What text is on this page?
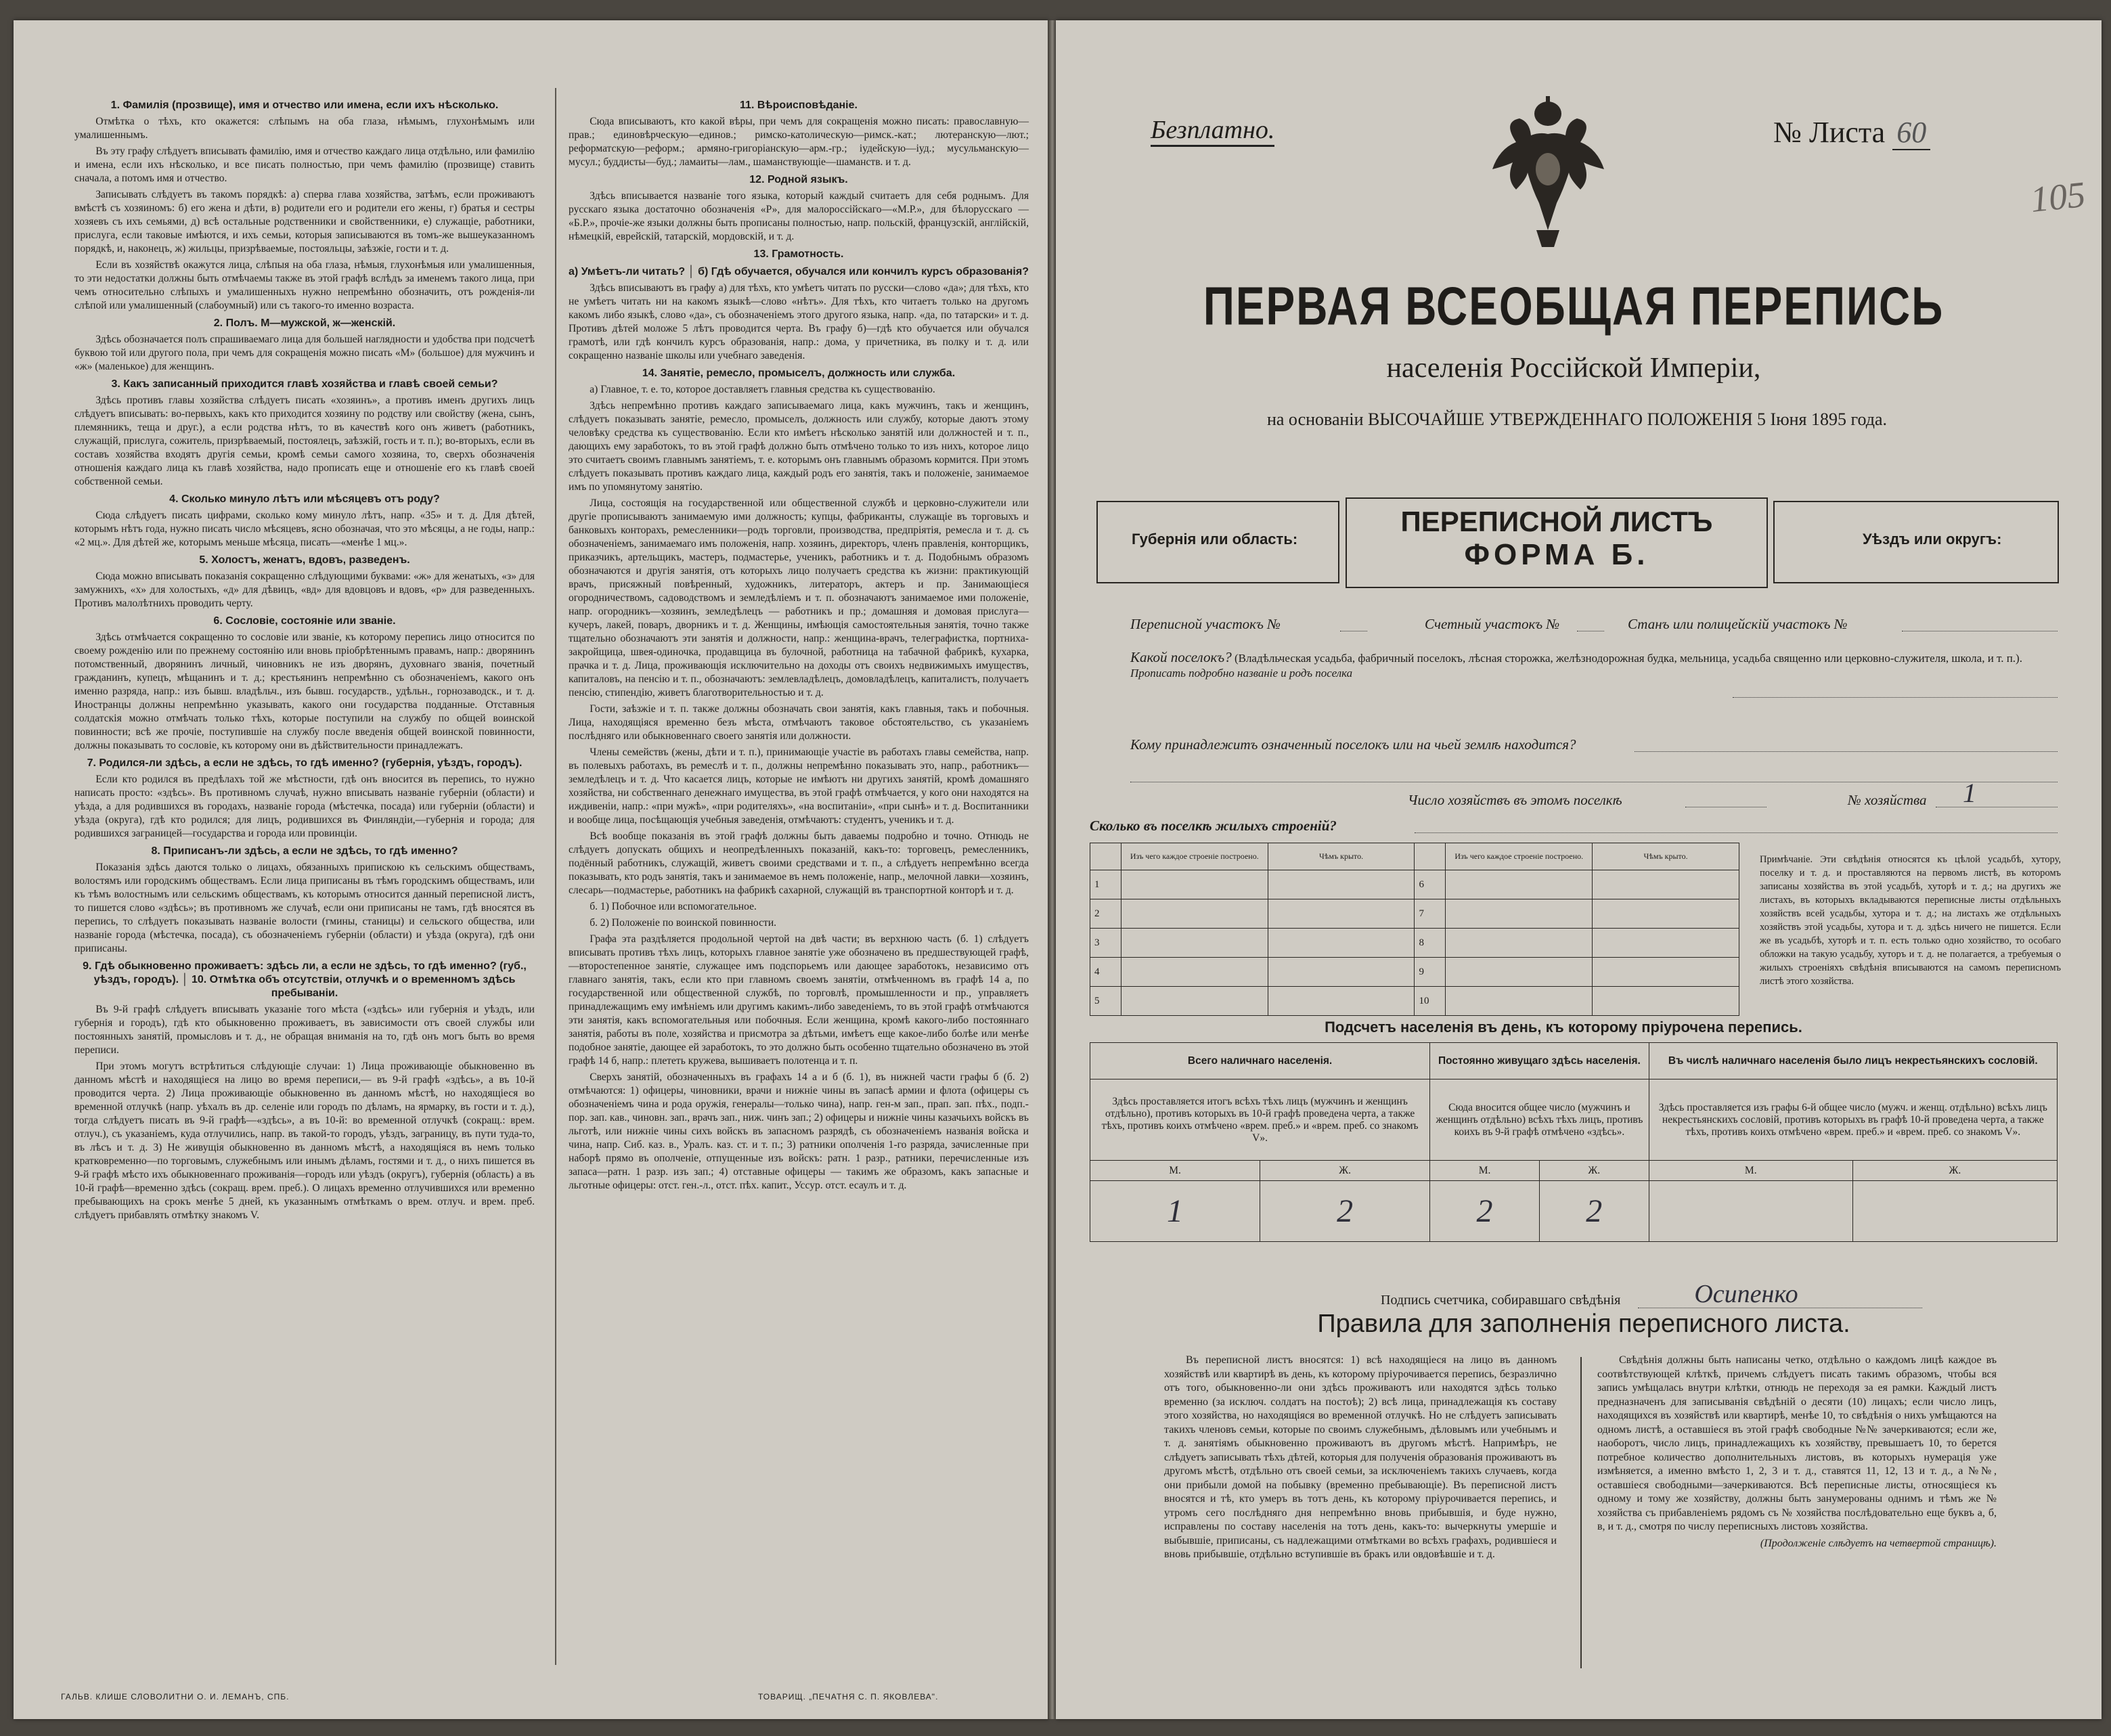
1. Фамилія (прозвище), имя и отчество или имена, если ихъ нѣсколько.
Отмѣтка о тѣхъ, кто окажется: слѣпымъ на оба глаза, нѣмымъ, глухонѣмымъ или умалишеннымъ.
Въ эту графу слѣдуетъ вписывать фамилію, имя и отчество каждаго лица отдѣльно, или фамилію и имена, если ихъ нѣсколько, и все писать полностью, при чемъ фамилію (прозвище) ставить сначала, а потомъ имя и отчество.
Записывать слѣдуетъ въ такомъ порядкѣ: а) сперва глава хозяйства, затѣмъ, если проживаютъ вмѣстѣ съ хозяиномъ: б) его жена и дѣти, в) родители его и родители его жены, г) братья и сестры хозяевъ съ ихъ семьями, д) всѣ остальные родственники и свойственники, е) служащіе, работники, прислуга, если таковые имѣются, и ихъ семьи, которыя записываются въ томъ-же вышеуказанномъ порядкѣ, и, наконецъ, ж) жильцы, призрѣваемые, постояльцы, заѣзжіе, гости и т. д.
Если въ хозяйствѣ окажутся лица, слѣпыя на оба глаза, нѣмыя, глухонѣмыя или умалишенныя, то эти недостатки должны быть отмѣчаемы также въ этой графѣ вслѣдъ за именемъ такого лица, при чемъ относительно слѣпыхъ и умалишенныхъ нужно непремѣнно обозначить, отъ рожденія-ли слѣпой или умалишенный (слабоумный) или съ такого-то именно возраста.
2. Полъ. М—мужской, ж—женскій.
Здѣсь обозначается полъ спрашиваемаго лица для большей наглядности и удобства при подсчетѣ буквою той или другого пола, при чемъ для сокращенія можно писать «М» (большое) для мужчинъ и «ж» (маленькое) для женщинъ.
3. Какъ записанный приходится главѣ хозяйства и главѣ своей семьи?
Здѣсь противъ главы хозяйства слѣдуетъ писать «хозяинъ», а противъ именъ другихъ лицъ слѣдуетъ вписывать: во-первыхъ, какъ кто приходится хозяину по родству или свойству (жена, сынъ, племянникъ, теща и друг.), а если родства нѣтъ, то въ качествѣ кого онъ живетъ (работникъ, служащій, прислуга, сожитель, призрѣваемый, постоялецъ, заѣзжій, гость и т. п.); во-вторыхъ, если въ составъ хозяйства входятъ другія семьи, кромѣ семьи самого хозяина, то, сверхъ обозначенія отношенія каждаго лица къ главѣ хозяйства, надо прописать еще и отношеніе его къ главѣ своей собственной семьи.
4. Сколько минуло лѣтъ или мѣсяцевъ отъ роду?
Сюда слѣдуетъ писать цифрами, сколько кому минуло лѣтъ, напр. «35» и т. д. Для дѣтей, которымъ нѣтъ года, нужно писать число мѣсяцевъ, ясно обозначая, что это мѣсяцы, а не годы, напр.: «2 мц.». Для дѣтей же, которымъ меньше мѣсяца, писать—«менѣе 1 мц.».
5. Холостъ, женатъ, вдовъ, разведенъ.
Сюда можно вписывать показанія сокращенно слѣдующими буквами: «ж» для женатыхъ, «з» для замужнихъ, «х» для холостыхъ, «д» для дѣвицъ, «вд» для вдовцовъ и вдовъ, «р» для разведенныхъ. Противъ малолѣтнихъ проводить черту.
6. Сословіе, состояніе или званіе.
Здѣсь отмѣчается сокращенно то сословіе или званіе, къ которому перепись лицо относится по своему рожденію или по прежнему состоянію или вновь пріобрѣтеннымъ правамъ, напр.: дворянинъ потомственный, дворянинъ личный, чиновникъ не изъ дворянъ, духовнаго званія, почетный гражданинъ, купецъ, мѣщанинъ и т. д.; крестьянинъ непремѣнно съ обозначеніемъ, какого онъ именно разряда, напр.: изъ бывш. владѣльч., изъ бывш. государств., удѣльн., горнозаводск., и т. д. Иностранцы должны непремѣнно указывать, какого они государства подданные. Отставныя солдатскія можно отмѣчать только тѣхъ, которые поступили на службу по общей воинской повинности; всѣ же прочіе, поступившіе на службу после введенія общей воинской повинности, должны показывать то сословіе, къ которому они въ дѣйствительности принадлежатъ.
7. Родился-ли здѣсь, а если не здѣсь, то гдѣ именно? (губернія, уѣздъ, городъ).
Если кто родился въ предѣлахъ той же мѣстности, гдѣ онъ вносится въ перепись, то нужно написать просто: «здѣсь». Въ противномъ случаѣ, нужно вписывать названіе губерніи (области) и уѣзда, а для родившихся въ городахъ, названіе города (мѣстечка, посада) или губерніи (области) и уѣзда (округа), гдѣ кто родился; для лицъ, родившихся въ Финляндіи,—губернія и города; для родившихся заграницей—государства и города или провинціи.
8. Приписанъ-ли здѣсь, а если не здѣсь, то гдѣ именно?
Показанія здѣсь даются только о лицахъ, обязанныхъ припискою къ сельскимъ обществамъ, волостямъ или городскимъ обществамъ. Если лица приписаны въ тѣмъ городскимъ обществамъ, или къ тѣмъ волостнымъ или сельскимъ обществамъ, къ которымъ относится данный переписной листъ, то пишется слово «здѣсь»; въ противномъ же случаѣ, если они приписаны не тамъ, гдѣ вносятся въ перепись, то слѣдуетъ показывать названіе волости (гмины, станицы) и сельского общества, или названіе города (мѣстечка, посада), съ обозначеніемъ губерніи (области) и уѣзда (округа), гдѣ они приписаны.
9. Гдѣ обыкновенно проживаетъ: здѣсь ли, а если не здѣсь, то гдѣ именно? (губ., уѣздъ, городъ). │ 10. Отмѣтка объ отсутствіи, отлучкѣ и о временномъ здѣсь пребываніи.
Въ 9-й графѣ слѣдуетъ вписывать указаніе того мѣста («здѣсь» или губернія и уѣздъ, или губернія и городъ), гдѣ кто обыкновенно проживаетъ, въ зависимости отъ своей службы или постоянныхъ занятій, промысловъ и т. д., не обращая вниманія на то, гдѣ онъ могъ быть во время переписи.
При этомъ могутъ встрѣтиться слѣдующіе случаи: 1) Лица проживающіе обыкновенно въ данномъ мѣстѣ и находящіеся на лицо во время переписи,— въ 9-й графѣ «здѣсь», а въ 10-й проводится черта. 2) Лица проживающіе обыкновенно въ данномъ мѣстѣ, но находящіеся во временной отлучкѣ (напр. уѣхалъ въ др. селеніе или городъ по дѣламъ, на ярмарку, въ гости и т. д.), тогда слѣдуетъ писать въ 9-й графѣ—«здѣсь», а въ 10-й: во временной отлучкѣ (сокращ.: врем. отлуч.), съ указаніемъ, куда отлучились, напр. въ такой-то городъ, уѣздъ, заграницу, въ пути туда-то, въ лѣсъ и т. д. 3) Не живущія обыкновенно въ данномъ мѣстѣ, а находящіяся въ немъ только кратковременно—по торговымъ, служебнымъ или инымъ дѣламъ, гостями и т. д., о нихъ пишется въ 9-й графѣ мѣсто ихъ обыкновеннаго проживанія—городъ или уѣздъ (округъ), губернія (область) а въ 10-й графѣ—временно здѣсь (сокращ. врем. преб.). О лицахъ временно отлучившихся или временно пребывающихъ на срокъ менѣе 5 дней, къ указаннымъ отмѣткамъ о врем. отлуч. и врем. преб. слѣдуетъ прибавлять отмѣтку знакомъ V.
11. Вѣроисповѣданіе.
Сюда вписываютъ, кто какой вѣры, при чемъ для сокращенія можно писать: православную—прав.; единовѣрческую—единов.; римско-католическую—римск.-кат.; лютеранскую—лют.; реформатскую—реформ.; армяно-григоріанскую—арм.-гр.; іудейскую—іуд.; мусульманскую—мусул.; буддисты—буд.; ламаиты—лам., шаманствующіе—шаманств. и т. д.
12. Родной языкъ.
Здѣсь вписывается названіе того языка, который каждый считаетъ для себя роднымъ. Для русскаго языка достаточно обозначенія «Р», для малороссійскаго—«М.Р.», для бѣлорусскаго — «Б.Р.», прочіе-же языки должны быть прописаны полностью, напр. польскій, французскій, англійскій, нѣмецкій, еврейскій, татарскій, мордовскій, и т. д.
13. Грамотность.
а) Умѣетъ-ли читать? │ б) Гдѣ обучается, обучался или кончилъ курсъ образованія?
Здѣсь вписываютъ въ графу а) для тѣхъ, кто умѣетъ читать по русски—слово «да»; для тѣхъ, кто не умѣетъ читать ни на какомъ языкѣ—слово «нѣтъ». Для тѣхъ, кто читаетъ только на другомъ какомъ либо языкѣ, слово «да», съ обозначеніемъ этого другого языка, напр. «да, по татарски» и т. д. Противъ дѣтей моложе 5 лѣтъ проводится черта. Въ графу б)—гдѣ кто обучается или обучался грамотѣ, или гдѣ кончилъ курсъ образованія, напр.: дома, у причетника, въ полку и т. д. или сокращенно названіе школы или учебнаго заведенія.
14. Занятіе, ремесло, промыселъ, должность или служба.
а) Главное, т. е. то, которое доставляетъ главныя средства къ существованію.
Здѣсь непремѣнно противъ каждаго записываемаго лица, какъ мужчинъ, такъ и женщинъ, слѣдуетъ показывать занятіе, ремесло, промыселъ, должность или службу, которые даютъ этому человѣку средства къ существованію. Если кто имѣетъ нѣсколько занятій или должностей и т. п., дающихъ ему заработокъ, то въ этой графѣ должно быть отмѣчено только то изъ нихъ, которое лицо это считаетъ своимъ главнымъ занятіемъ, т. е. которымъ онъ главнымъ образомъ кормится. При этомъ слѣдуетъ показывать противъ каждаго лица, каждый родъ его занятія, такъ и положеніе, занимаемое имъ по упомянутому занятію.
Лица, состоящія на государственной или общественной службѣ и церковно-служители или другіе прописываютъ занимаемую ими должность; купцы, фабриканты, служащіе въ торговыхъ и банковыхъ конторахъ, ремесленники—родъ торговли, производства, предпріятія, ремесла и т. д. съ обозначеніемъ, занимаемаго имъ положенія, напр. хозяинъ, директоръ, членъ правленія, конторщикъ, приказчикъ, артельщикъ, мастеръ, подмастерье, ученикъ, работникъ и т. д. Подобнымъ образомъ обозначаются и другія занятія, отъ которыхъ лицо получаетъ средства къ жизни: практикующій врачъ, присяжный повѣренный, художникъ, литераторъ, актеръ и пр. Занимающіеся огородничествомъ, садоводствомъ и земледѣліемъ и т. п. обозначаютъ занимаемое ими положеніе, напр. огородникъ—хозяинъ, земледѣлецъ — работникъ и пр.; домашняя и домовая прислуга—кучеръ, лакей, поваръ, дворникъ и т. д. Женщины, имѣющія самостоятельныя занятія, точно также тщательно обозначаютъ эти занятія и должности, напр.: женщина-врачъ, телеграфистка, портниха-закройщица, швея-одиночка, продавщица въ булочной, работница на табачной фабрикѣ, кухарка, прачка и т. д. Лица, проживающія исключительно на доходы отъ своихъ недвижимыхъ имуществъ, капиталовъ, на пенсію и т. п., обозначаютъ: землевладѣлецъ, домовладѣлецъ, капиталистъ, получаетъ пенсію, стипендію, живетъ благотворительностью и т. д.
Гости, заѣзжіе и т. п. также должны обозначать свои занятія, какъ главныя, такъ и побочныя. Лица, находящіяся временно безъ мѣста, отмѣчаютъ таковое обстоятельство, съ указаніемъ послѣдняго или обыкновеннаго своего занятія или должности.
Члены семействъ (жены, дѣти и т. п.), принимающіе участіе въ работахъ главы семейства, напр. въ полевыхъ работахъ, въ ремеслѣ и т. п., должны непремѣнно показывать это, напр., работникъ—земледѣлецъ и т. д. Что касается лицъ, которые не имѣютъ ни другихъ занятій, кромѣ домашняго хозяйства, ни собственнаго денежнаго имущества, въ этой графѣ отмѣчается, у кого они находятся на иждивеніи, напр.: «при мужѣ», «при родителяхъ», «на воспитаніи», «при сынѣ» и т. д. Воспитанники и вообще лица, посѣщающія учебныя заведенія, отмѣчаютъ: студентъ, ученикъ и т. д.
Всѣ вообще показанія въ этой графѣ должны быть даваемы подробно и точно. Отнюдь не слѣдуетъ допускать общихъ и неопредѣленныхъ показаній, какъ-то: торговецъ, ремесленникъ, подённый работникъ, служащій, живетъ своими средствами и т. п., а слѣдуетъ непремѣнно всегда показывать, кто родъ занятія, такъ и занимаемое въ немъ положеніе, напр., мелочной лавки—хозяинъ, слесарь—подмастерье, работникъ на фабрикѣ сахарной, служащій въ транспортной конторѣ и т. д.
б. 1) Побочное или вспомогательное.
б. 2) Положеніе по воинской повинности.
Графа эта раздѣляется продольной чертой на двѣ части; въ верхнюю часть (б. 1) слѣдуетъ вписывать противъ тѣхъ лицъ, которыхъ главное занятіе уже обозначено въ предшествующей графѣ,—второстепенное занятіе, служащее имъ подспорьемъ или дающее заработокъ, независимо отъ главнаго занятія, такъ, если кто при главномъ своемъ занятіи, отмѣченномъ въ графѣ 14 а, по государственной или общественной службѣ, по торговлѣ, промышленности и пр., управляетъ принадлежащимъ ему имѣніемъ или другимъ какимъ-либо заведеніемъ, то въ этой графѣ отмѣчаются эти занятія, какъ вспомогательныя или побочныя. Если женщина, кромѣ какого-либо постояннаго занятія, работы въ поле, хозяйства и присмотра за дѣтьми, имѣетъ еще какое-либо болѣе или менѣе подобное занятіе, дающее ей заработокъ, то это должно быть особенно тщательно обозначено въ этой графѣ 14 б, напр.: плететь кружева, вышиваетъ полотенца и т. п.
Сверхъ занятій, обозначенныхъ въ графахъ 14 а и б (б. 1), въ нижней части графы б (б. 2) отмѣчаются: 1) офицеры, чиновники, врачи и нижніе чины въ запасѣ армии и флота (офицеры съ обозначеніемъ чина и рода оружія, генералы—только чина), напр. ген-м зап., прап. зап. пѣх., подп.-пор. зап. кав., чиновн. зап., врачъ зап., ниж. чинъ зап.; 2) офицеры и нижніе чины казачьихъ войскъ въ льготѣ, или нижніе чины сихъ войскъ въ запасномъ разрядѣ, съ обозначеніемъ названія войска и чина, напр. Сиб. каз. в., Уралъ. каз. ст. и т. п.; 3) ратники ополченія 1-го разряда, зачисленные при наборѣ прямо въ ополченіе, отпущенные изъ войскъ: ратн. 1 разр., ратники, перечисленные изъ запаса—ратн. 1 разр. изъ зап.; 4) отставные офицеры — такимъ же образомъ, какъ запасные и льготные офицеры: отст. ген.-л., отст. пѣх. капит., Уссур. отст. есаулъ и т. д.
ГАЛЬВ. КЛИШЕ СЛОВОЛИТНИ О. И. ЛЕМАНЪ, СПБ.	ТОВАРИЩ. „ПЕЧАТНЯ С. П. ЯКОВЛЕВА".
Безплатно.	№ Листа 60
105
ПЕРВАЯ ВСЕОБЩАЯ ПЕРЕПИСЬ
населенія Россійской Имперіи,
на основаніи ВЫСОЧАЙШЕ УТВЕРЖДЕННАГО ПОЛОЖЕНІЯ 5 Іюня 1895 года.
Губернія или область:
ПЕРЕПИСНОЙ ЛИСТЪ
ФОРМА Б.	Уѣздъ или округъ:
Переписной участокъ №	Счетный участокъ №	Станъ или полицейскій участокъ №
Какой поселокъ? (Владѣльческая усадьба, фабричный поселокъ, лѣсная сторожка, желѣзнодорожная будка, мельница, усадьба священно или церковно-служителя, школа, и т. п.). Прописать подробно названіе и родъ поселка
Кому принадлежитъ означенный поселокъ или на чьей землѣ находится?
Число хозяйствъ въ этомъ поселкѣ	№ хозяйства	1
Сколько въ поселкѣ жилыхъ строеній?
	Изъ чего каждое строеніе построено.	Чѣмъ крыто.		Изъ чего каждое строеніе построено.	Чѣмъ крыто.
1			6		
2			7		
3			8		
4			9		
5			10		
Примѣчаніе. Эти свѣдѣнія относятся къ цѣлой усадьбѣ, хутору, поселку и т. д. и проставляются на первомъ листѣ, въ которомъ записаны хозяйства въ этой усадьбѣ, хуторѣ и т. д.; на другихъ же листахъ, въ которыхъ вкладываются переписные листы отдѣльныхъ хозяйствъ всей усадьбы, хутора и т. д.; на листахъ же отдѣльныхъ хозяйствъ этой усадьбы, хутора и т. д. здѣсь ничего не пишется. Если же въ усадьбѣ, хуторѣ и т. п. есть только одно хозяйство, то особаго обложки на такую усадьбу, хуторъ и т. д. не полагается, а требуемыя о жилыхъ строеніяхъ свѣдѣнія вписываются на самомъ переписномъ листѣ этого хозяйства.
Подсчетъ населенія въ день, къ которому пріурочена перепись.
Всего наличнаго населенія.		Постоянно живущаго здѣсь населенія.		Въ числѣ наличнаго населенія было лицъ некрестьянскихъ сословій.	
Здѣсь проставляется итогъ всѣхъ тѣхъ лицъ (мужчинъ и женщинъ отдѣльно), противъ которыхъ въ 10-й графѣ проведена черта, а также тѣхъ, противъ коихъ отмѣчено «врем. преб.» и «врем. преб. со знакомъ V».		Сюда вносится общее число (мужчинъ и женщинъ отдѣльно) всѣхъ тѣхъ лицъ, противъ коихъ въ 9-й графѣ отмѣчено «здѣсь».		Здѣсь проставляется изъ графы 6-й общее число (мужч. и женщ. отдѣльно) всѣхъ лицъ некрестьянскихъ сословій, противъ которыхъ въ графѣ 10-й проведена черта, а также тѣхъ, противъ коихъ отмѣчено «врем. преб.» и «врем. преб. со знакомъ V».	
М.	Ж.	М.	Ж.	М.	Ж.
1	2	2	2		
Подпись счетчика, собиравшаго свѣдѣнія	Осипенко
Правила для заполненія переписного листа.
Въ переписной листъ вносятся: 1) всѣ находящіеся на лицо въ данномъ хозяйствѣ или квартирѣ въ день, къ которому пріурочивается перепись, безразлично отъ того, обыкновенно-ли они здѣсь проживаютъ или находятся здѣсь только временно (за исключ. солдатъ на постоѣ); 2) всѣ лица, принадлежащія къ составу этого хозяйства, но находящіяся во временной отлучкѣ. Но не слѣдуетъ записывать такихъ членовъ семьи, которые по своимъ служебнымъ, дѣловымъ или учебнымъ и т. д. занятіямъ обыкновенно проживаютъ въ другомъ мѣстѣ. Напримѣръ, не слѣдуетъ записывать тѣхъ дѣтей, которыя для полученія образованія проживаютъ въ другомъ мѣстѣ, отдѣльно отъ своей семьи, за исключеніемъ такихъ случаевъ, когда они прибыли домой на побывку (временно пребывающіе). Въ переписной листъ вносятся и тѣ, кто умеръ въ тотъ день, къ которому пріурочивается перепись, и утромъ сего послѣдняго дня непремѣнно вновь прибывшія, и буде нужно, исправлены по составу населенія на тотъ день, какъ-то: вычеркнуты умершіе и выбывшіе, приписаны, съ надлежащими отмѣтками во всѣхъ графахъ, родившіеся и вновь прибывшіе, отдѣльно вступившіе въ бракъ или овдовѣвшіе и т. д.
Свѣдѣнія должны быть написаны четко, отдѣльно о каждомъ лицѣ каждое въ соотвѣтствующей клѣткѣ, причемъ слѣдуетъ писать такимъ образомъ, чтобы вся запись умѣщалась внутри клѣтки, отнюдь не переходя за ея рамки. Каждый листъ предназначенъ для записыванія свѣдѣній о десяти (10) лицахъ; если число лицъ, находящихся въ хозяйствѣ или квартирѣ, менѣе 10, то свѣдѣнія о нихъ умѣщаются на одномъ листѣ, а оставшіеся въ этой графѣ свободные №№ зачеркиваются; если же, наоборотъ, число лицъ, принадлежащихъ къ хозяйству, превышаетъ 10, то берется потребное количество дополнительныхъ листовъ, въ которыхъ нумерація уже измѣняется, а именно вмѣсто 1, 2, 3 и т. д., ставятся 11, 12, 13 и т. д., а №№, оставшіеся свободными—зачеркиваются. Всѣ переписные листы, относящіеся къ одному и тому же хозяйству, должны быть занумерованы однимъ и тѣмъ же № хозяйства съ прибавленіемъ рядомъ съ № хозяйства послѣдовательно еще буквъ а, б, в, и т. д., смотря по числу переписныхъ листовъ хозяйства.
(Продолженіе слѣдуетъ на четвертой страницѣ).
